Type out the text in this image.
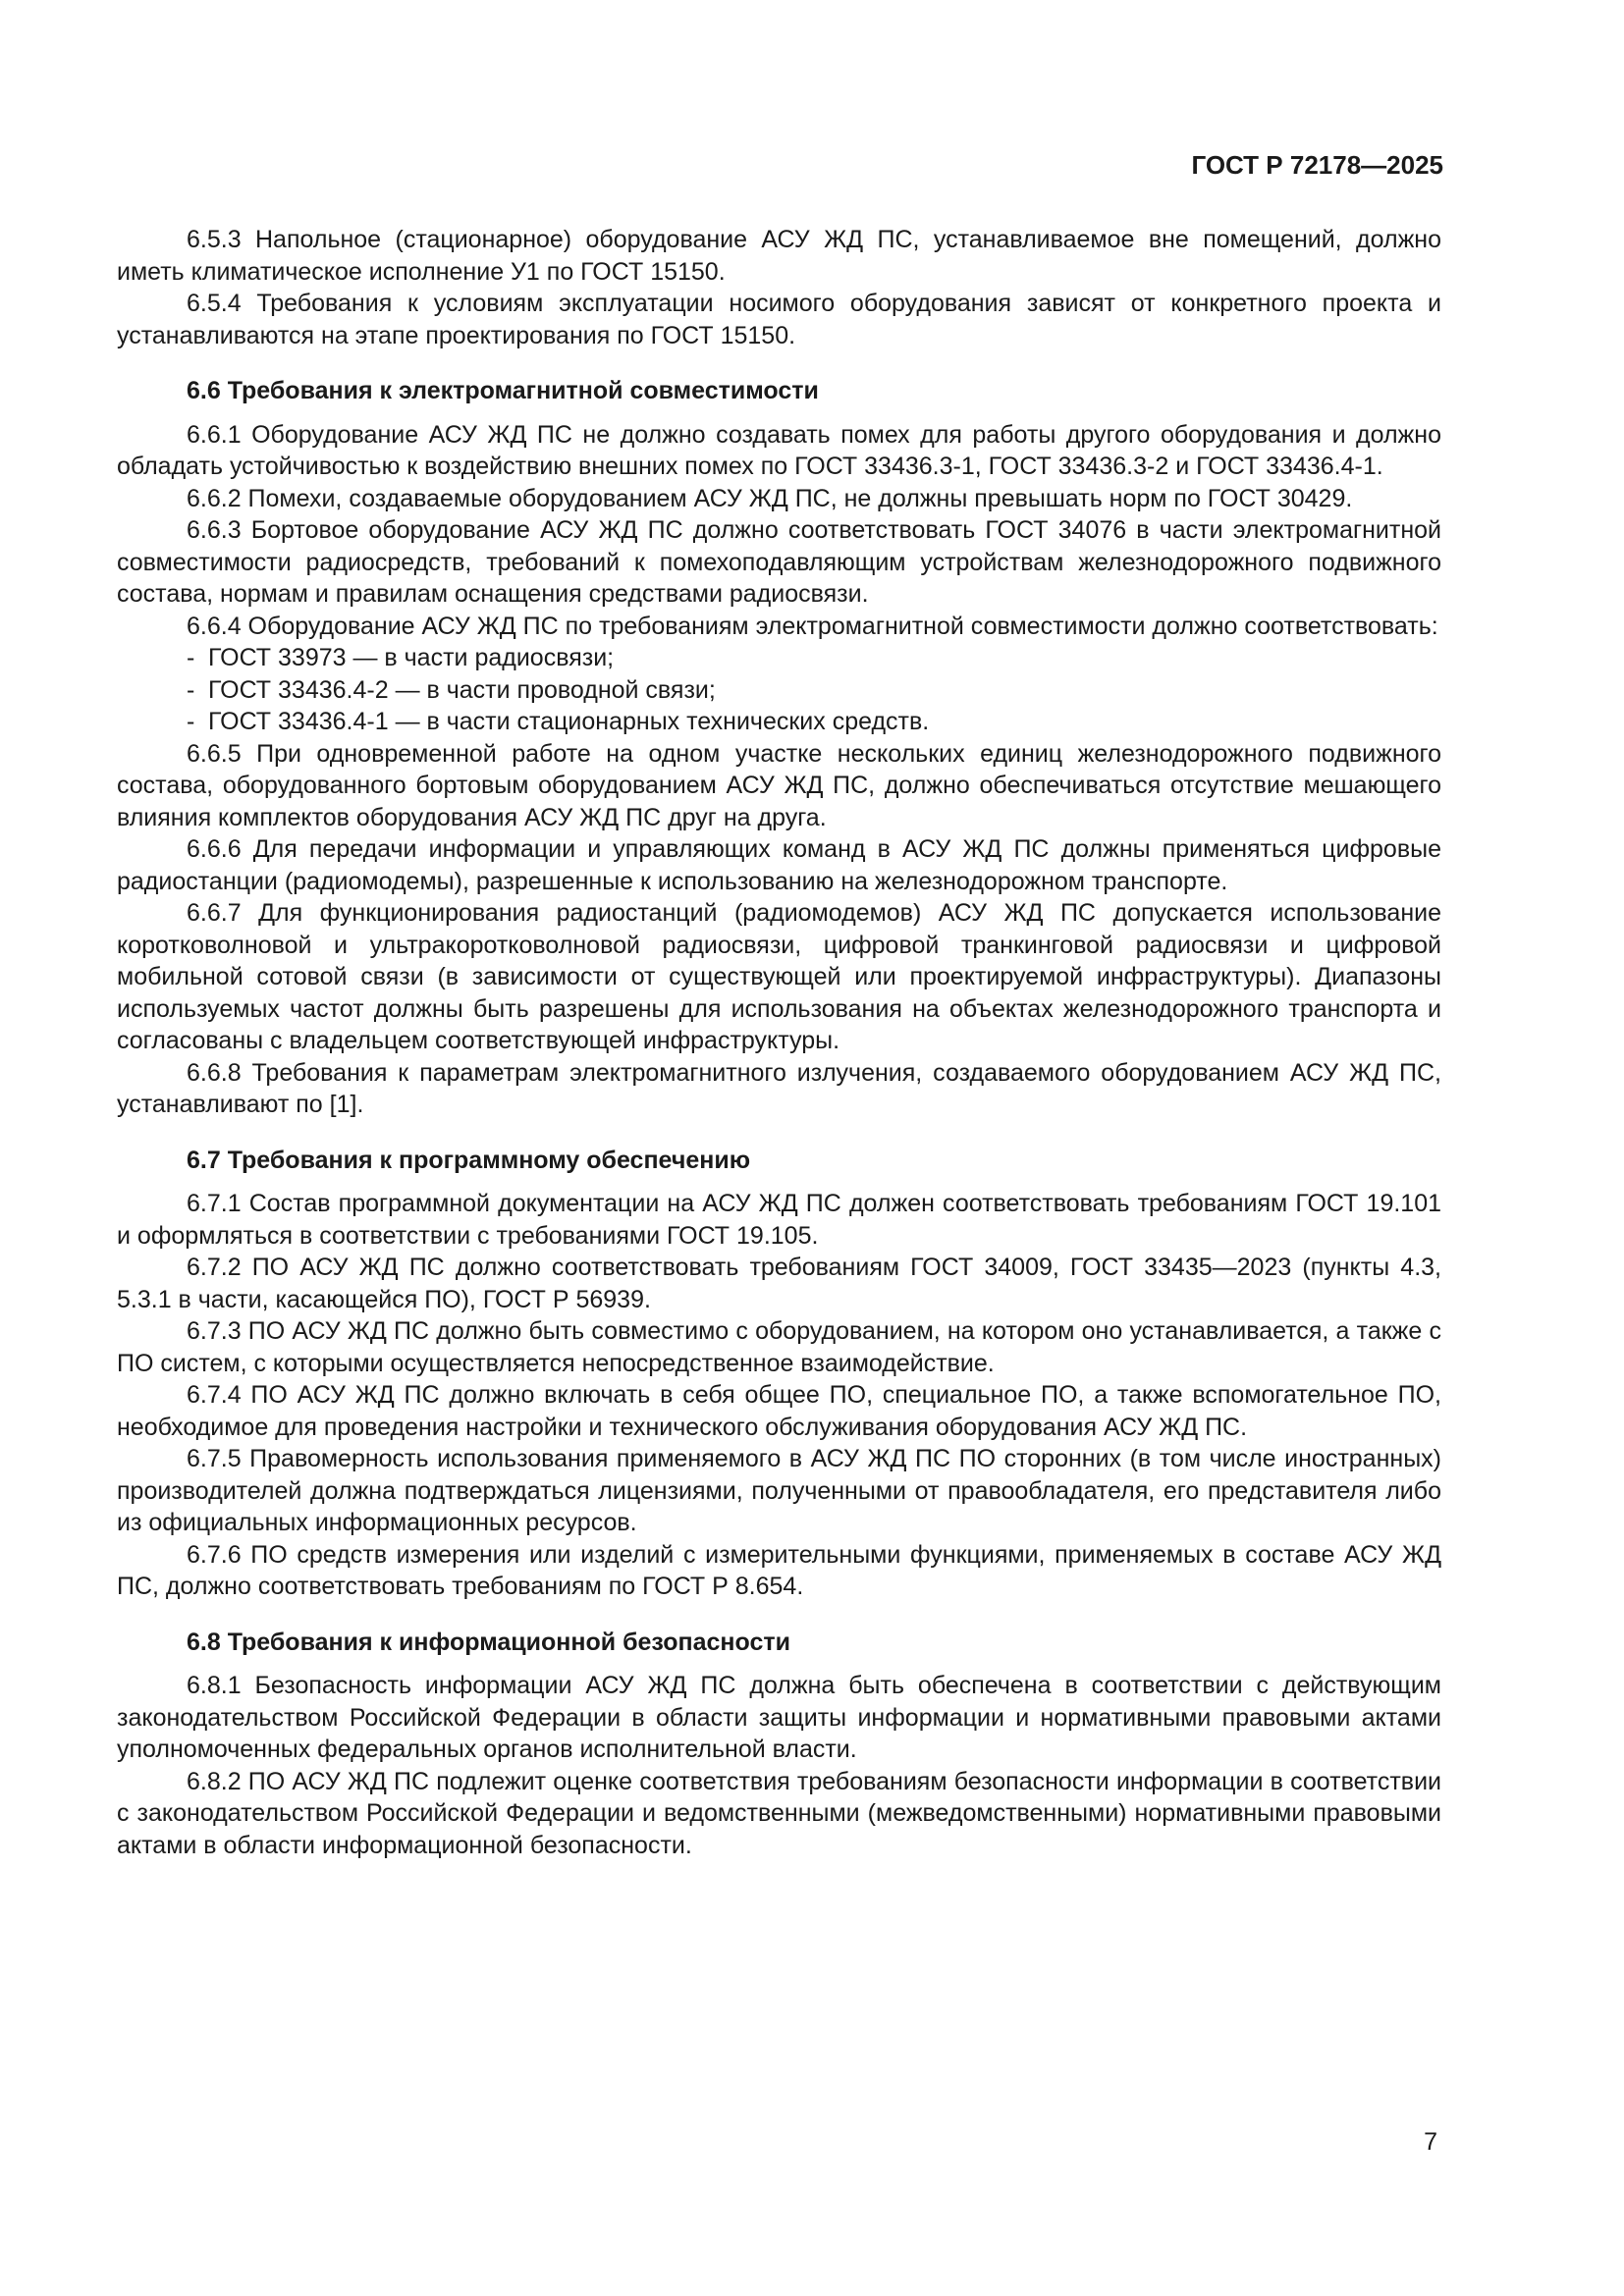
ГОСТ Р 72178—2025

6.5.3 Напольное (стационарное) оборудование АСУ ЖД ПС, устанавливаемое вне помещений, должно иметь климатическое исполнение У1 по ГОСТ 15150.

6.5.4 Требования к условиям эксплуатации носимого оборудования зависят от конкретного проекта и устанавливаются на этапе проектирования по ГОСТ 15150.

6.6 Требования к электромагнитной совместимости

6.6.1 Оборудование АСУ ЖД ПС не должно создавать помех для работы другого оборудования и должно обладать устойчивостью к воздействию внешних помех по ГОСТ 33436.3-1, ГОСТ 33436.3-2 и ГОСТ 33436.4-1.

6.6.2 Помехи, создаваемые оборудованием АСУ ЖД ПС, не должны превышать норм по ГОСТ 30429.

6.6.3 Бортовое оборудование АСУ ЖД ПС должно соответствовать ГОСТ 34076 в части электромагнитной совместимости радиосредств, требований к помехоподавляющим устройствам железнодорожного подвижного состава, нормам и правилам оснащения средствами радиосвязи.

6.6.4 Оборудование АСУ ЖД ПС по требованиям электромагнитной совместимости должно соответствовать:

- ГОСТ 33973 — в части радиосвязи;

- ГОСТ 33436.4-2 — в части проводной связи;

- ГОСТ 33436.4-1 — в части стационарных технических средств.

6.6.5 При одновременной работе на одном участке нескольких единиц железнодорожного подвижного состава, оборудованного бортовым оборудованием АСУ ЖД ПС, должно обеспечиваться отсутствие мешающего влияния комплектов оборудования АСУ ЖД ПС друг на друга.

6.6.6 Для передачи информации и управляющих команд в АСУ ЖД ПС должны применяться цифровые радиостанции (радиомодемы), разрешенные к использованию на железнодорожном транспорте.

6.6.7 Для функционирования радиостанций (радиомодемов) АСУ ЖД ПС допускается использование коротковолновой и ультракоротковолновой радиосвязи, цифровой транкинговой радиосвязи и цифровой мобильной сотовой связи (в зависимости от существующей или проектируемой инфраструктуры). Диапазоны используемых частот должны быть разрешены для использования на объектах железнодорожного транспорта и согласованы с владельцем соответствующей инфраструктуры.

6.6.8 Требования к параметрам электромагнитного излучения, создаваемого оборудованием АСУ ЖД ПС, устанавливают по [1].

6.7 Требования к программному обеспечению

6.7.1 Состав программной документации на АСУ ЖД ПС должен соответствовать требованиям ГОСТ 19.101 и оформляться в соответствии с требованиями ГОСТ 19.105.

6.7.2 ПО АСУ ЖД ПС должно соответствовать требованиям ГОСТ 34009, ГОСТ 33435—2023 (пункты 4.3, 5.3.1 в части, касающейся ПО), ГОСТ Р 56939.

6.7.3 ПО АСУ ЖД ПС должно быть совместимо с оборудованием, на котором оно устанавливается, а также с ПО систем, с которыми осуществляется непосредственное взаимодействие.

6.7.4 ПО АСУ ЖД ПС должно включать в себя общее ПО, специальное ПО, а также вспомогательное ПО, необходимое для проведения настройки и технического обслуживания оборудования АСУ ЖД ПС.

6.7.5 Правомерность использования применяемого в АСУ ЖД ПС ПО сторонних (в том числе иностранных) производителей должна подтверждаться лицензиями, полученными от правообладателя, его представителя либо из официальных информационных ресурсов.

6.7.6 ПО средств измерения или изделий с измерительными функциями, применяемых в составе АСУ ЖД ПС, должно соответствовать требованиям по ГОСТ Р 8.654.

6.8 Требования к информационной безопасности

6.8.1 Безопасность информации АСУ ЖД ПС должна быть обеспечена в соответствии с действующим законодательством Российской Федерации в области защиты информации и нормативными правовыми актами уполномоченных федеральных органов исполнительной власти.

6.8.2 ПО АСУ ЖД ПС подлежит оценке соответствия требованиям безопасности информации в соответствии с законодательством Российской Федерации и ведомственными (межведомственными) нормативными правовыми актами в области информационной безопасности.

7
